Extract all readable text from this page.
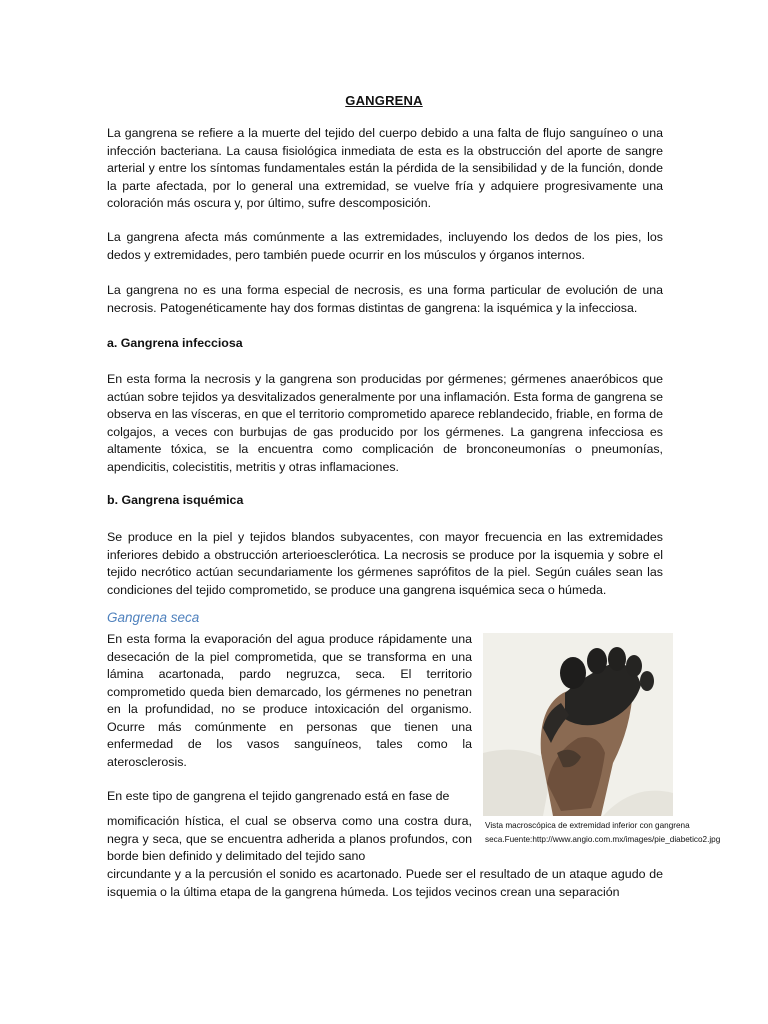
GANGRENA
La gangrena se refiere a la muerte del tejido del cuerpo debido a una falta de flujo sanguíneo o una infección bacteriana. La causa fisiológica inmediata de esta es la obstrucción del aporte de sangre arterial y entre los síntomas fundamentales están la pérdida de la sensibilidad y de la función, donde la parte afectada, por lo general una extremidad, se vuelve fría y adquiere progresivamente una coloración más oscura y, por último, sufre descomposición.
La gangrena afecta más comúnmente a las extremidades, incluyendo los dedos de los pies, los dedos y extremidades, pero también puede ocurrir en los músculos y órganos internos.
La gangrena no es una forma especial de necrosis, es una forma particular de evolución de una necrosis. Patogenéticamente hay dos formas distintas de gangrena: la isquémica y la infecciosa.
a. Gangrena infecciosa
En esta forma la necrosis y la gangrena son producidas por gérmenes; gérmenes anaeróbicos que actúan sobre tejidos ya desvitalizados generalmente por una inflamación. Esta forma de gangrena se observa en las vísceras, en que el territorio comprometido aparece reblandecido, friable, en forma de colgajos, a veces con burbujas de gas producido por los gérmenes. La gangrena infecciosa es altamente tóxica, se la encuentra como complicación de bronconeumonías o pneumonías, apendicitis, colecistitis, metritis y otras inflamaciones.
b. Gangrena isquémica
Se produce en la piel y tejidos blandos subyacentes, con mayor frecuencia en las extremidades inferiores debido a obstrucción arterioesclerótica. La necrosis se produce por la isquemia y sobre el tejido necrótico actúan secundariamente los gérmenes saprófitos de la piel. Según cuáles sean las condiciones del tejido comprometido, se produce una gangrena isquémica seca o húmeda.
Gangrena seca
En esta forma la evaporación del agua produce rápidamente una desecación de la piel comprometida, que se transforma en una lámina acartonada, pardo negruzca, seca. El territorio comprometido queda bien demarcado, los gérmenes no penetran en la profundidad, no se produce intoxicación del organismo. Ocurre más comúnmente en personas que tienen una enfermedad de los vasos sanguíneos, tales como la aterosclerosis.
En este tipo de gangrena el tejido gangrenado está en fase de
momificación hística, el cual se observa como una costra dura, negra y seca, que se encuentra adherida a planos profundos, con borde bien definido y delimitado del tejido sano
circundante y a la percusión el sonido es acartonado. Puede ser el resultado de un ataque agudo de isquemia o la última etapa de la gangrena húmeda. Los tejidos vecinos crean una separación
Vista macroscópica de extremidad inferior con gangrena seca.Fuente:http://www.angio.com.mx/images/pie_diabetico2.jpg
